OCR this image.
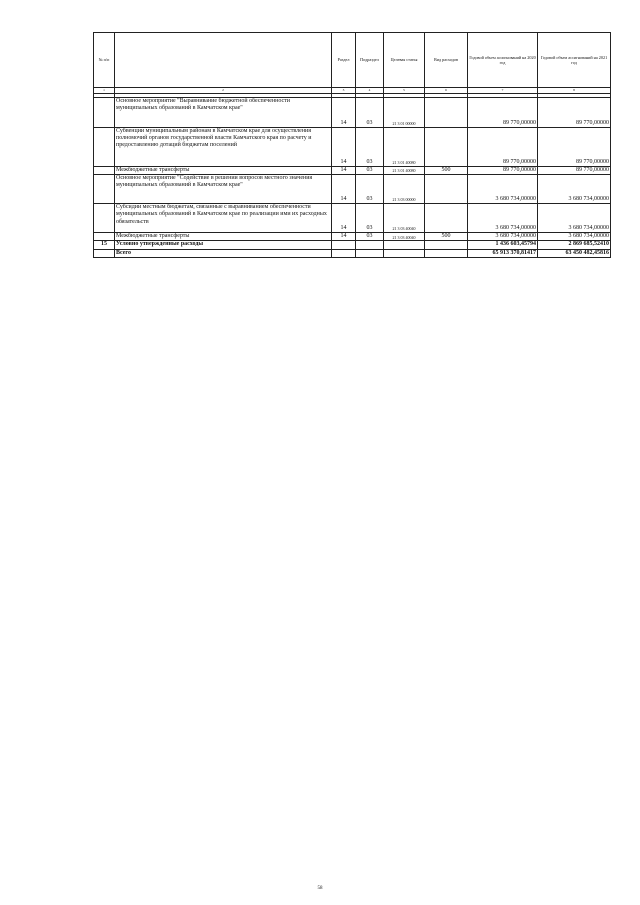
№ п/п		Раздел	Подраздел	Целевая статья	Вид расходов	Годовой объем ассигнований на 2020 год	Годовой объем ассигнований на 2021 год
1	2	3	4	5	6	7	8

	Основное мероприятие "Выравнивание бюджетной обеспеченности муниципальных образований в Камчатском крае"	14	03	21 3 01 00000		89 770,00000	89 770,00000
	Субвенции муниципальным районам в Камчатском крае для осуществления полномочий органов государственной власти Камчатского края по расчету и предоставлению дотаций бюджетам поселений	14	03	21 3 01 40080		89 770,00000	89 770,00000
	Межбюджетные трансферты	14	03	21 3 01 40080	500	89 770,00000	89 770,00000
	Основное мероприятие "Содействие в решении вопросов местного значения муниципальных образований в Камчатском крае"	14	03	21 3 03 00000		3 680 734,00000	3 680 734,00000
	Субсидии местным бюджетам, связанные с выравниванием обеспеченности муниципальных образований в Камчатском крае по реализации ими их расходных обязательств	14	03	21 3 03 40040		3 680 734,00000	3 680 734,00000
	Межбюджетные трансферты	14	03	21 3 03 40040	500	3 680 734,00000	3 680 734,00000
15	Условно утвержденные расходы					1 436 603,45794	2 869 685,52410
	Всего					65 913 370,81417	63 450 482,45816
58
